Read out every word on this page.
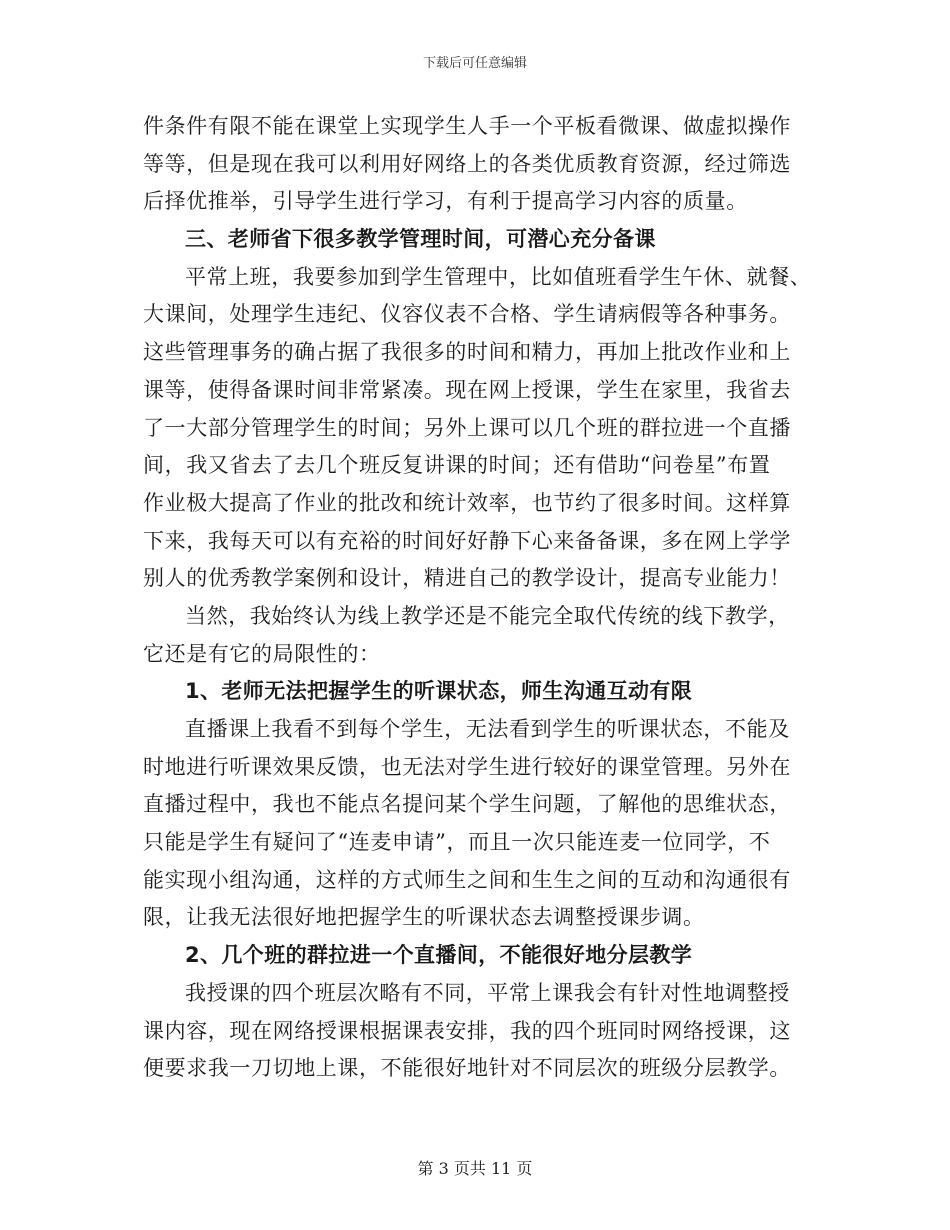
下载后可任意编辑
件条件有限不能在课堂上实现学生人手一个平板看微课、做虚拟操作
等等，但是现在我可以利用好网络上的各类优质教育资源，经过筛选
后择优推举，引导学生进行学习，有利于提高学习内容的质量。
三、老师省下很多教学管理时间，可潜心充分备课
平常上班，我要参加到学生管理中，比如值班看学生午休、就餐、
大课间，处理学生违纪、仪容仪表不合格、学生请病假等各种事务。
这些管理事务的确占据了我很多的时间和精力，再加上批改作业和上
课等，使得备课时间非常紧凑。现在网上授课，学生在家里，我省去
了一大部分管理学生的时间；另外上课可以几个班的群拉进一个直播
间，我又省去了去几个班反复讲课的时间；还有借助“问卷星”布置
作业极大提高了作业的批改和统计效率，也节约了很多时间。这样算
下来，我每天可以有充裕的时间好好静下心来备备课，多在网上学学
别人的优秀教学案例和设计，精进自己的教学设计，提高专业能力！
当然，我始终认为线上教学还是不能完全取代传统的线下教学，
它还是有它的局限性的：
1、老师无法把握学生的听课状态，师生沟通互动有限
直播课上我看不到每个学生，无法看到学生的听课状态，不能及
时地进行听课效果反馈，也无法对学生进行较好的课堂管理。另外在
直播过程中，我也不能点名提问某个学生问题，了解他的思维状态，
只能是学生有疑问了“连麦申请”，而且一次只能连麦一位同学，不
能实现小组沟通，这样的方式师生之间和生生之间的互动和沟通很有
限，让我无法很好地把握学生的听课状态去调整授课步调。
2、几个班的群拉进一个直播间，不能很好地分层教学
我授课的四个班层次略有不同，平常上课我会有针对性地调整授
课内容，现在网络授课根据课表安排，我的四个班同时网络授课，这
便要求我一刀切地上课，不能很好地针对不同层次的班级分层教学。
第 3 页共 11 页
